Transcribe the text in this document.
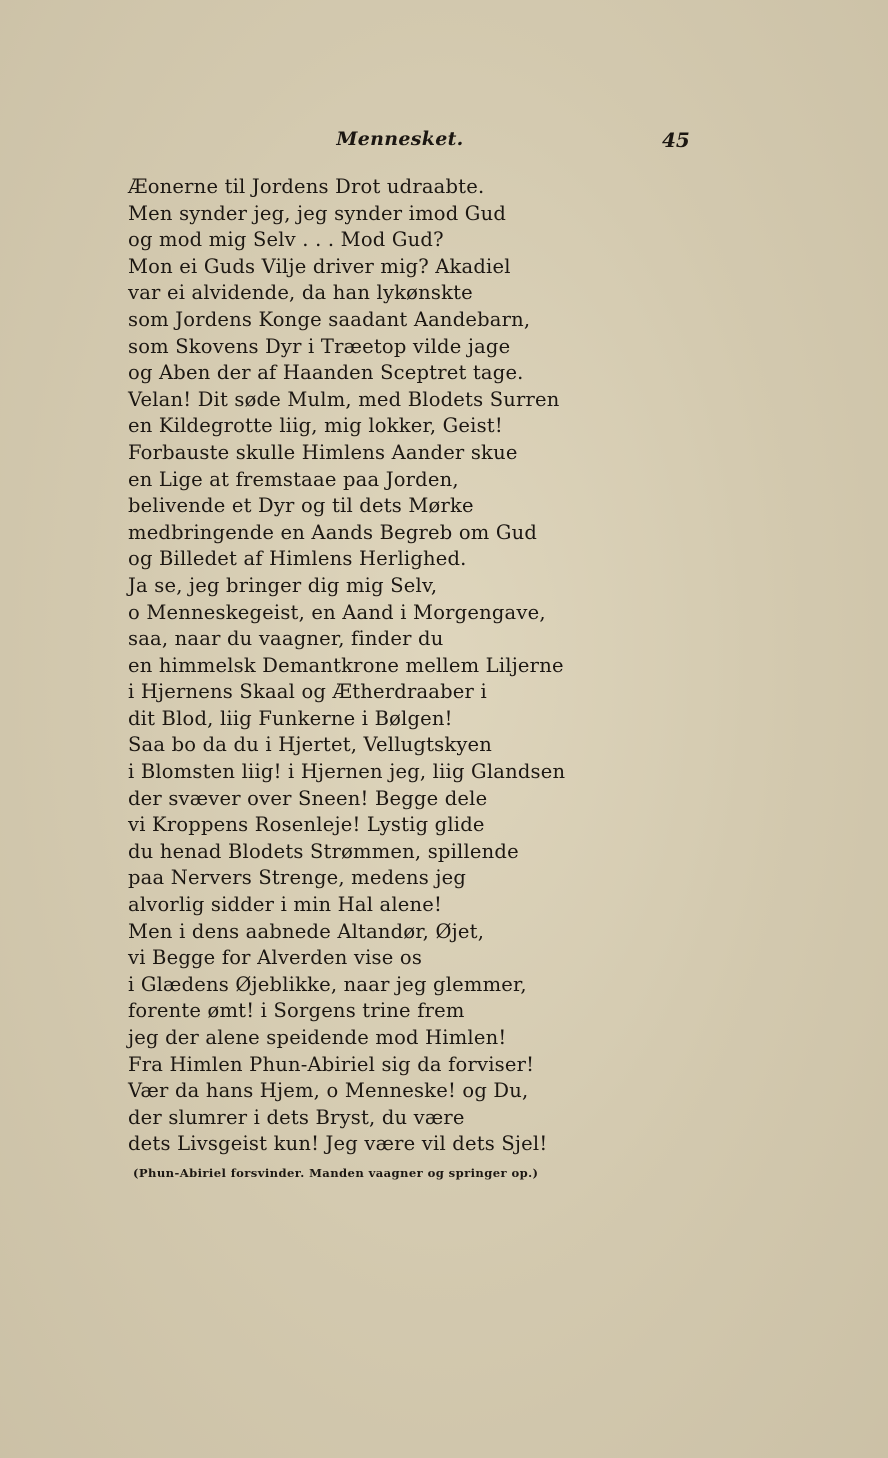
Mennesket.	45
Æonerne til Jordens Drot udraabte.
Men synder jeg, jeg synder imod Gud
og mod mig Selv . . . Mod Gud?
Mon ei Guds Vilje driver mig? Akadiel
var ei alvidende, da han lykønskte
som Jordens Konge saadant Aandebarn,
som Skovens Dyr i Træetop vilde jage
og Aben der af Haanden Sceptret tage.
Velan! Dit søde Mulm, med Blodets Surren
en Kildegrotte liig, mig lokker, Geist!
Forbauste skulle Himlens Aander skue
en Lige at fremstaae paa Jorden,
belivende et Dyr og til dets Mørke
medbringende en Aands Begreb om Gud
og Billedet af Himlens Herlighed.
Ja se, jeg bringer dig mig Selv,
o Menneskegeist, en Aand i Morgengave,
saa, naar du vaagner, finder du
en himmelsk Demantkrone mellem Liljerne
i Hjernens Skaal og Ætherdraaber i
dit Blod, liig Funkerne i Bølgen!
Saa bo da du i Hjertet, Vellugtskyen
i Blomsten liig! i Hjernen jeg, liig Glandsen
der svæver over Sneen! Begge dele
vi Kroppens Rosenleje! Lystig glide
du henad Blodets Strømmen, spillende
paa Nervers Strenge, medens jeg
alvorlig sidder i min Hal alene!
Men i dens aabnede Altandør, Øjet,
vi Begge for Alverden vise os
i Glædens Øjeblikke, naar jeg glemmer,
forente ømt! i Sorgens trine frem
jeg der alene speidende mod Himlen!
Fra Himlen Phun-Abiriel sig da forviser!
Vær da hans Hjem, o Menneske! og Du,
der slumrer i dets Bryst, du være
dets Livsgeist kun! Jeg være vil dets Sjel!
(Phun-Abiriel forsvinder. Manden vaagner og springer op.)
